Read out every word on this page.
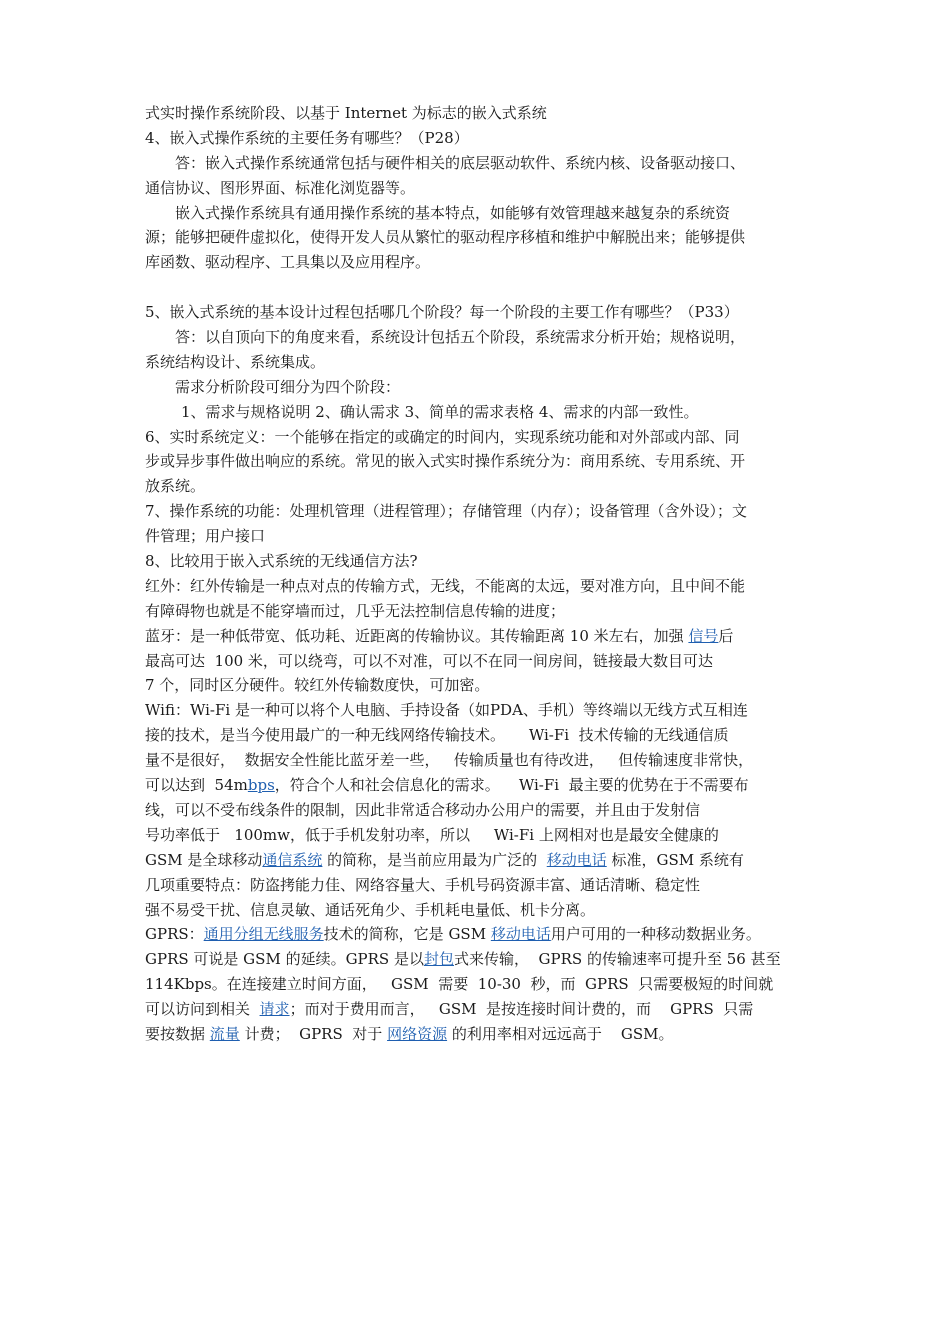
式实时操作系统阶段、以基于 Internet 为标志的嵌入式系统
4、嵌入式操作系统的主要任务有哪些？（P28）
答：嵌入式操作系统通常包括与硬件相关的底层驱动软件、系统内核、设备驱动接口、
通信协议、图形界面、标准化浏览器等。
嵌入式操作系统具有通用操作系统的基本特点，如能够有效管理越来越复杂的系统资
源；能够把硬件虚拟化，使得开发人员从繁忙的驱动程序移植和维护中解脱出来；能够提供
库函数、驱动程序、工具集以及应用程序。
5、嵌入式系统的基本设计过程包括哪几个阶段？每一个阶段的主要工作有哪些？（P33）
答：以自顶向下的角度来看，系统设计包括五个阶段，系统需求分析开始；规格说明，
系统结构设计、系统集成。
需求分析阶段可细分为四个阶段：
1、需求与规格说明 2、确认需求 3、简单的需求表格 4、需求的内部一致性。
6、实时系统定义：一个能够在指定的或确定的时间内，实现系统功能和对外部或内部、同
步或异步事件做出响应的系统。常见的嵌入式实时操作系统分为：商用系统、专用系统、开
放系统。
7、操作系统的功能：处理机管理（进程管理）；存储管理（内存）；设备管理（含外设）；文
件管理；用户接口
8、比较用于嵌入式系统的无线通信方法?
红外：红外传输是一种点对点的传输方式，无线，不能离的太远，要对准方向，且中间不能
有障碍物也就是不能穿墙而过，几乎无法控制信息传输的进度；
蓝牙：是一种低带宽、低功耗、近距离的传输协议。其传输距离 10 米左右，加强 信号后
最高可达  100 米，可以绕弯，可以不对准，可以不在同一间房间，链接最大数目可达
7 个，同时区分硬件。较红外传输数度快，可加密。
Wifi：Wi-Fi 是一种可以将个人电脑、手持设备（如PDA、手机）等终端以无线方式互相连
接的技术，是当今使用最广的一种无线网络传输技术。     Wi-Fi  技术传输的无线通信质
量不是很好，  数据安全性能比蓝牙差一些，   传输质量也有待改进，   但传输速度非常快，
可以达到  54mbps，符合个人和社会信息化的需求。    Wi-Fi  最主要的优势在于不需要布
线，可以不受布线条件的限制，因此非常适合移动办公用户的需要，并且由于发射信
号功率低于   100mw，低于手机发射功率，所以     Wi-Fi 上网相对也是最安全健康的
GSM 是全球移动通信系统 的简称，是当前应用最为广泛的  移动电话 标准，GSM 系统有
几项重要特点：防盗拷能力佳、网络容量大、手机号码资源丰富、通话清晰、稳定性
强不易受干扰、信息灵敏、通话死角少、手机耗电量低、机卡分离。
GPRS：通用分组无线服务技术的简称，它是 GSM 移动电话用户可用的一种移动数据业务。
GPRS 可说是 GSM 的延续。GPRS 是以封包式来传输，  GPRS 的传输速率可提升至 56 甚至
114Kbps。在连接建立时间方面，   GSM  需要  10-30  秒，而  GPRS  只需要极短的时间就
可以访问到相关  请求；而对于费用而言，   GSM  是按连接时间计费的，而    GPRS  只需
要按数据 流量 计费；  GPRS  对于 网络资源 的利用率相对远远高于    GSM。
